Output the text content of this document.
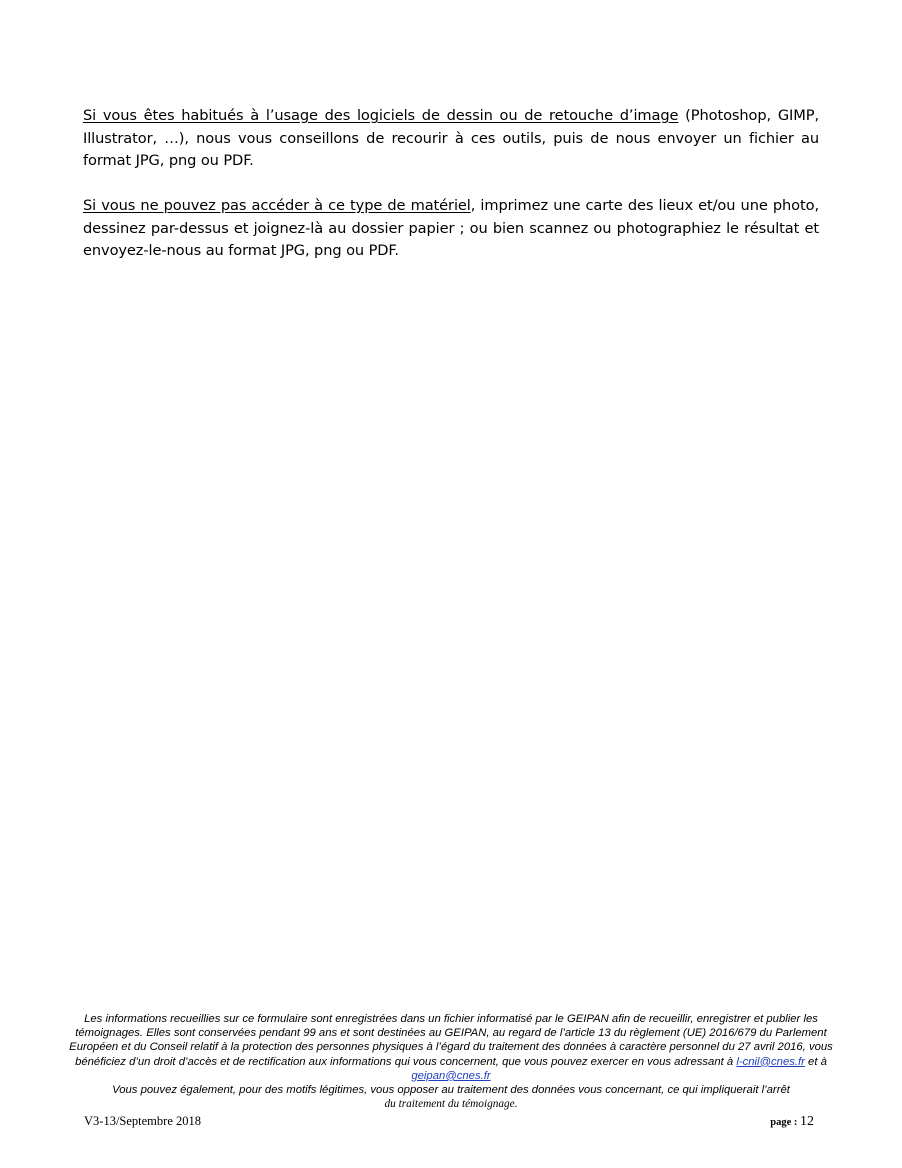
Si vous êtes habitués à l’usage des logiciels de dessin ou de retouche d’image (Photoshop, GIMP, Illustrator, …), nous vous conseillons de recourir à ces outils, puis de nous envoyer un fichier au format JPG, png ou PDF.

Si vous ne pouvez pas accéder à ce type de matériel, imprimez une carte des lieux et/ou une photo, dessinez par-dessus et joignez-là au dossier papier ; ou bien scannez ou photographiez le résultat et envoyez-le-nous au format JPG, png ou PDF.

Les informations recueillies sur ce formulaire sont enregistrées dans un fichier informatisé par le GEIPAN afin de recueillir, enregistrer et publier les témoignages. Elles sont conservées pendant 99 ans et sont destinées au GEIPAN, au regard de l’article 13 du règlement (UE) 2016/679 du Parlement Européen et du Conseil relatif à la protection des personnes physiques à l’égard du traitement des données à caractère personnel du 27 avril 2016, vous bénéficiez d’un droit d’accès et de rectification aux informations qui vous concernent, que vous pouvez exercer en vous adressant à l-cnil@cnes.fr et à geipan@cnes.fr
Vous pouvez également, pour des motifs légitimes, vous opposer au traitement des données vous concernant, ce qui impliquerait l’arrêt
du traitement du témoignage.

V3-13/Septembre 2018	page : 12
